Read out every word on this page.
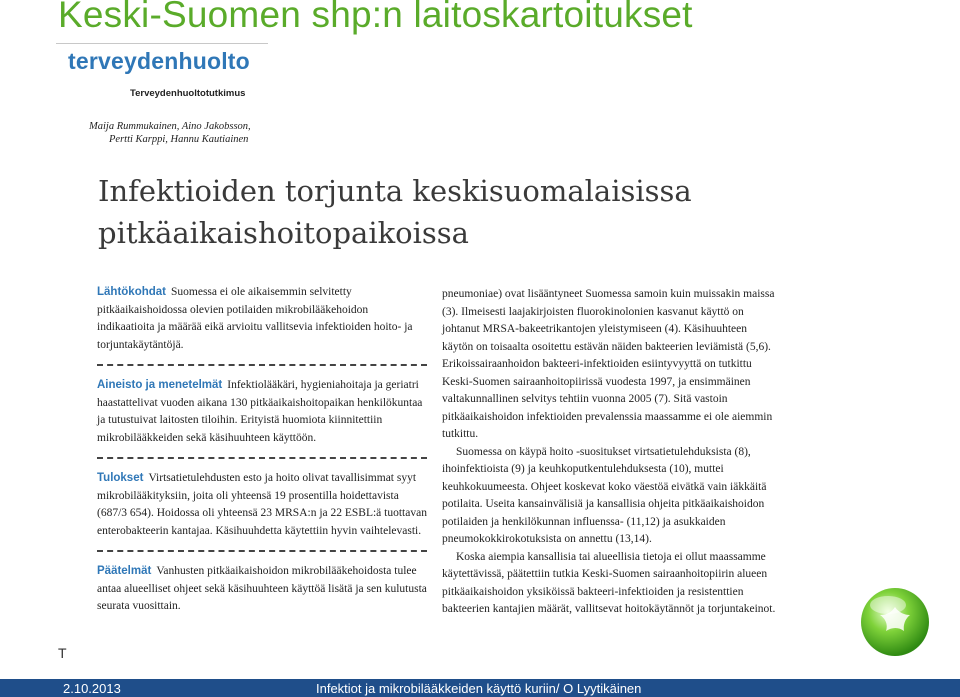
Keski-Suomen shp:n laitoskartoitukset
terveydenhuolto
Terveydenhuoltotutkimus
Maija Rummukainen, Aino Jakobsson,
Pertti Karppi, Hannu Kautiainen
Infektioiden torjunta keskisuomalaisissa
pitkäaikaishoitopaikoissa

Lähtökohdat Suomessa ei ole aikaisemmin selvitetty pitkäaikaishoidossa olevien potilaiden mikrobilääkehoidon indikaatioita ja määrää eikä arvioitu vallitsevia infektioiden hoito- ja torjuntakäytäntöjä.

Aineisto ja menetelmät Infektiolääkäri, hygieniahoitaja ja geriatri haastattelivat vuoden aikana 130 pitkäaikaishoitopaikan henkilökuntaa ja tutustuivat laitosten tiloihin. Erityistä huomiota kiinnitettiin mikrobilääkkeiden sekä käsihuuhteen käyttöön.

Tulokset Virtsatietulehdusten esto ja hoito olivat tavallisimmat syyt mikrobilääkityksiin, joita oli yhteensä 19 prosentilla hoidettavista (687/3 654). Hoidossa oli yhteensä 23 MRSA:n ja 22 ESBL:ä tuottavan enterobakteerin kantajaa. Käsihuuhdetta käytettiin hyvin vaihtelevasti.

Päätelmät Vanhusten pitkäaikaishoidon mikrobilääkehoidosta tulee antaa alueelliset ohjeet sekä käsihuuhteen käyttöä lisätä ja sen kulutusta seurata vuosittain.

pneumoniae) ovat lisääntyneet Suomessa samoin kuin muissakin maissa (3). Ilmeisesti laajakirjoisten fluorokinolonien kasvanut käyttö on johtanut MRSA-bakeetrikantojen yleistymiseen (4). Käsihuuhteen käytön on toisaalta osoitettu estävän näiden bakteerien leviämistä (5,6). Erikoissairaanhoidon bakteeri-infektioiden esiintyvyyttä on tutkittu Keski-Suomen sairaanhoitopiirissä vuodesta 1997, ja ensimmäinen valtakunnallinen selvitys tehtiin vuonna 2005 (7). Sitä vastoin pitkäaikaishoidon infektioiden prevalenssia maassamme ei ole aiemmin tutkittu.

Suomessa on käypä hoito -suositukset virtsatietulehduksista (8), ihoinfektioista (9) ja keuhkoputkentulehduksesta (10), muttei keuhkokuumeesta. Ohjeet koskevat koko väestöä eivätkä vain iäkkäitä potilaita. Useita kansainvälisiä ja kansallisia ohjeita pitkäaikaishoidon potilaiden ja henkilökunnan influenssa- (11,12) ja asukkaiden pneumokokkirokotuksista on annettu (13,14).

Koska aiempia kansallisia tai alueellisia tietoja ei ollut maassamme käytettävissä, päätettiin tutkia Keski-Suomen sairaanhoitopiirin alueen pitkäaikaishoidon yksiköissä bakteeri-infektioiden ja resistenttien bakteerien kantajien määrät, vallitsevat hoitokäytännöt ja torjuntakeinot.

T
2.10.2013	Infektiot ja mikrobilääkkeiden käyttö kuriin/ O Lyytikäinen
